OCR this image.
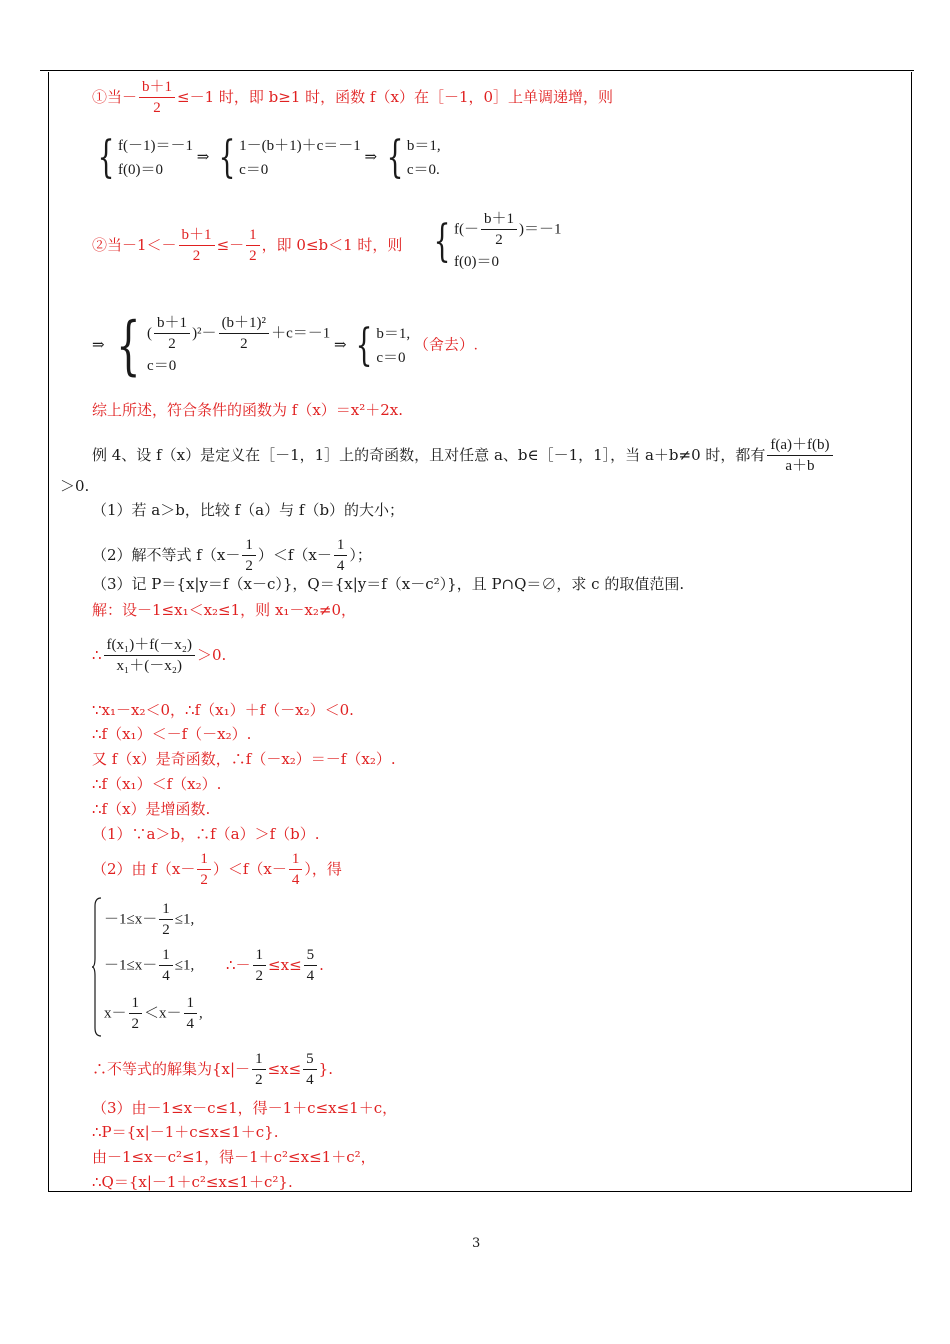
①当－ $\frac{b+1}{2} \le-1$ 时，即 b≥1 时，函数 f（x）在［－1，0］上单调递增，则
{ f(－1)＝－1
f(0)＝0
⇒ { 1－(b＋1)＋c＝－1
c＝0
⇒ { b＝1,
c＝0.
②当$-1<- \frac{b+1}{2} \le- \frac{1}{2}$ ，即 0≤b＜1 时，则 { $f(- \frac{b+1}{2} )=-1$
f(0)＝0
⇒ { ( $\frac{b+1}{2} )^2- \frac{\text{(b＋1)²}}{2} +c=-1$
c＝0
⇒ { b＝1,
c＝0
（舍去）.
综上所述，符合条件的函数为 f（x）＝x²＋2x.
例 4、设 f（x）是定义在［－1，1］上的奇函数，且对任意 a、b∈［－1，1］，当 a＋b≠0 时，都有 $\frac{f(a)+f(b)}{a+b}$
＞0.
（1）若 a＞b，比较 f（a）与 f（b）的大小；
（2）解不等式 $f(x- \frac{1}{2} )<f(x- \frac{1}{4}$ ）；
（3）记 P＝{x|y＝f（x－c）}，Q＝{x|y＝f（x－c²）}，且 P∩Q＝∅，求 c 的取值范围.
解：设－1≤x₁＜x₂≤1，则 x₁－x₂≠0，
∴ $\frac{\text{f(x₁)＋f(－x₂)}}{\text{x₁＋(－x₂)}} >0$.
∵x₁－x₂＜0，∴f（x₁）＋f（－x₂）＜0.
∴f（x₁）＜－f（－x₂）.
又 f（x）是奇函数，∴f（－x₂）＝－f（x₂）.
∴f（x₁）＜f（x₂）.
∴f（x）是增函数.
（1）∵a＞b，∴f（a）＞f（b）.
（2）由 $f(x- \frac{1}{2} )<f(x- \frac{1}{4}$ ），得
$-1\le x- \frac{1}{2} \le 1$,
$-1\le x- \frac{1}{4} \le 1$,
$x- \frac{1}{2} <x- \frac{1}{4}$ ,
∴－ $\frac{1}{2} \le x\le \frac{5}{4}$ .
∴不等式的解集为{$x|- \frac{1}{2} \le x\le \frac{5}{4}$ }.
（3）由－1≤x－c≤1，得－1＋c≤x≤1＋c，
∴P＝{x|－1＋c≤x≤1＋c}.
由－1≤x－c²≤1，得－1＋c²≤x≤1＋c²，
∴Q＝{x|－1＋c²≤x≤1＋c²}.
3
